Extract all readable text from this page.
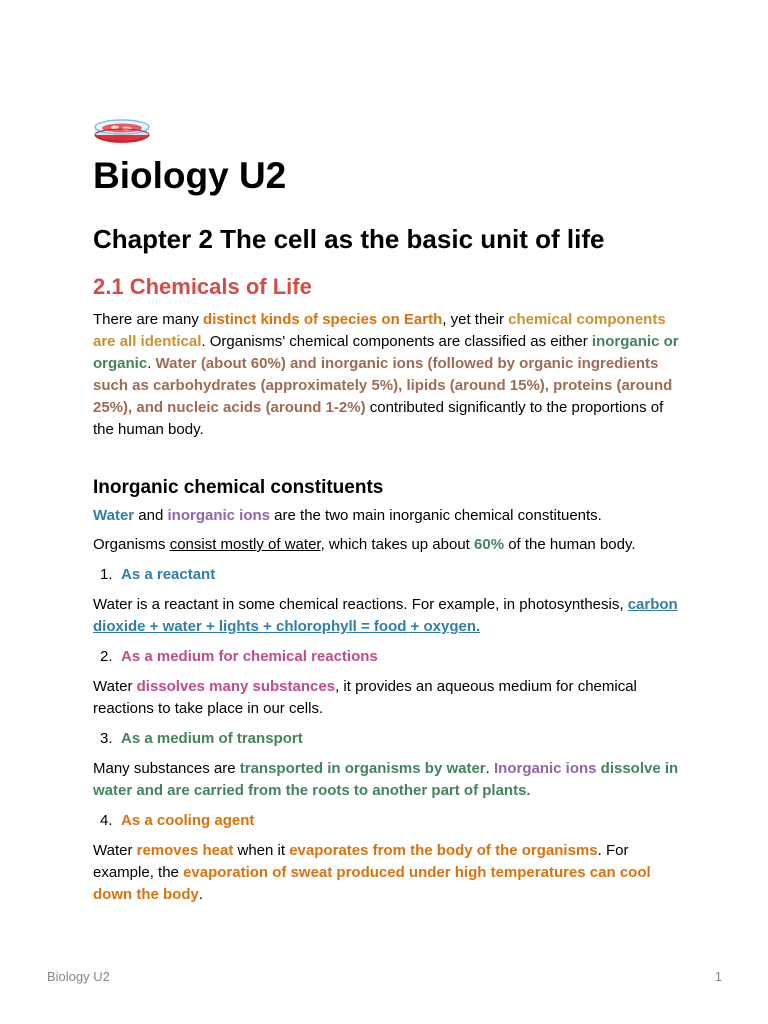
Biology U2
Chapter 2 The cell as the basic unit of life
2.1 Chemicals of Life

There are many distinct kinds of species on Earth, yet their chemical components are all identical. Organisms' chemical components are classified as either inorganic or organic. Water (about 60%) and inorganic ions (followed by organic ingredients such as carbohydrates (approximately 5%), lipids (around 15%), proteins (around 25%), and nucleic acids (around 1-2%) contributed significantly to the proportions of the human body.

Inorganic chemical constituents

Water and inorganic ions are the two main inorganic chemical constituents.

Organisms consist mostly of water, which takes up about 60% of the human body.

1. As a reactant

Water is a reactant in some chemical reactions. For example, in photosynthesis, carbon dioxide + water + lights + chlorophyll = food + oxygen.

2. As a medium for chemical reactions

Water dissolves many substances, it provides an aqueous medium for chemical reactions to take place in our cells.

3. As a medium of transport

Many substances are transported in organisms by water. Inorganic ions dissolve in water and are carried from the roots to another part of plants.

4. As a cooling agent

Water removes heat when it evaporates from the body of the organisms. For example, the evaporation of sweat produced under high temperatures can cool down the body.

Biology U2	1
